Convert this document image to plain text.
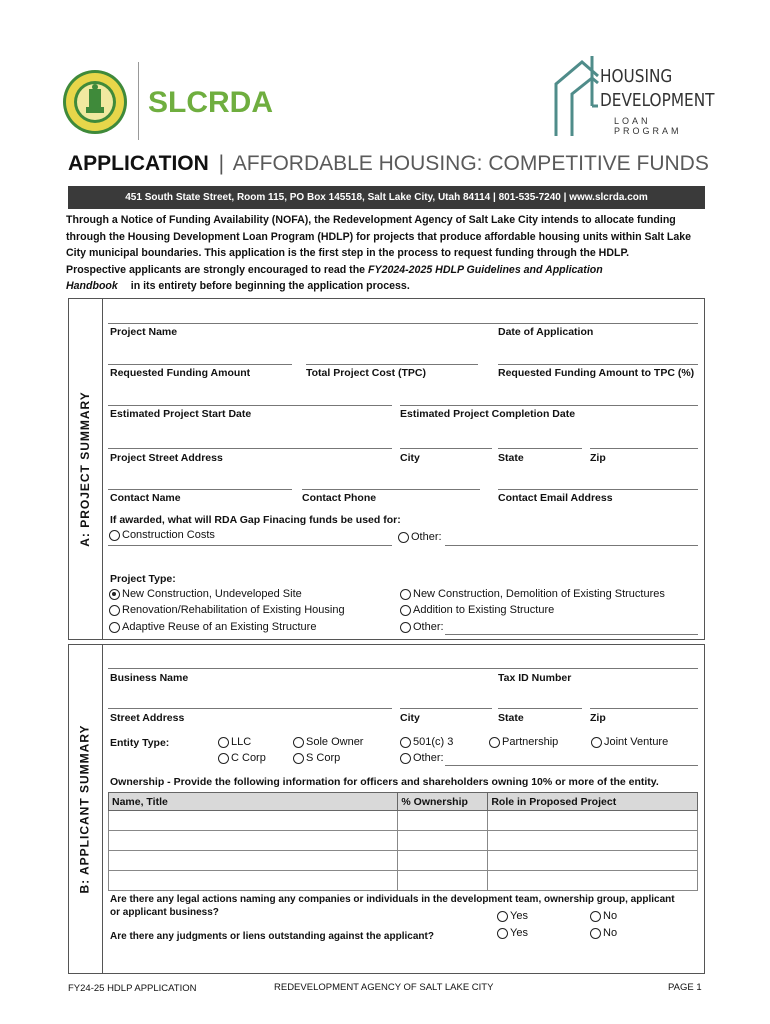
SLCRDA
HOUSING
DEVELOPMENT
LOAN PROGRAM
APPLICATION | AFFORDABLE HOUSING: COMPETITIVE FUNDS
451 South State Street, Room 115, PO Box 145518, Salt Lake City, Utah 84114 | 801-535-7240 | www.slcrda.com
Through a Notice of Funding Availability (NOFA), the Redevelopment Agency of Salt Lake City intends to allocate funding
through the Housing Development Loan Program (HDLP) for projects that produce affordable housing units within Salt Lake
City municipal boundaries. This application is the first step in the process to request funding through the HDLP.
Prospective applicants are strongly encouraged to read the FY2024-2025 HDLP Guidelines and Application
Handbook in its entirety before beginning the application process.
A: PROJECT SUMMARY
Project Name	Date of Application
Requested Funding Amount	Total Project Cost (TPC)	Requested Funding Amount to TPC (%)
Estimated Project Start Date	Estimated Project Completion Date
Project Street Address	City	State	Zip
Contact Name	Contact Phone	Contact Email Address
If awarded, what will RDA Gap Finacing funds be used for:
Construction Costs	Other:
Project Type:
New Construction, Undeveloped Site
Renovation/Rehabilitation of Existing Housing
Adaptive Reuse of an Existing Structure
New Construction, Demolition of Existing Structures
Addition to Existing Structure
Other:
B: APPLICANT SUMMARY
Business Name	Tax ID Number
Street Address	City	State	Zip
Entity Type:	LLC
C Corp
Sole Owner
S Corp
501(c) 3
Other:
Partnership	Joint Venture
Ownership - Provide the following information for officers and shareholders owning 10% or more of the entity.
Name, Title	% Ownership	Role in Proposed Project

Are there any legal actions naming any companies or individuals in the development team, ownership group, applicant
or applicant business?	Yes	No
Are there any judgments or liens outstanding against the applicant?	Yes	No
FY24-25 HDLP APPLICATION	REDEVELOPMENT AGENCY OF SALT LAKE CITY	PAGE 1
